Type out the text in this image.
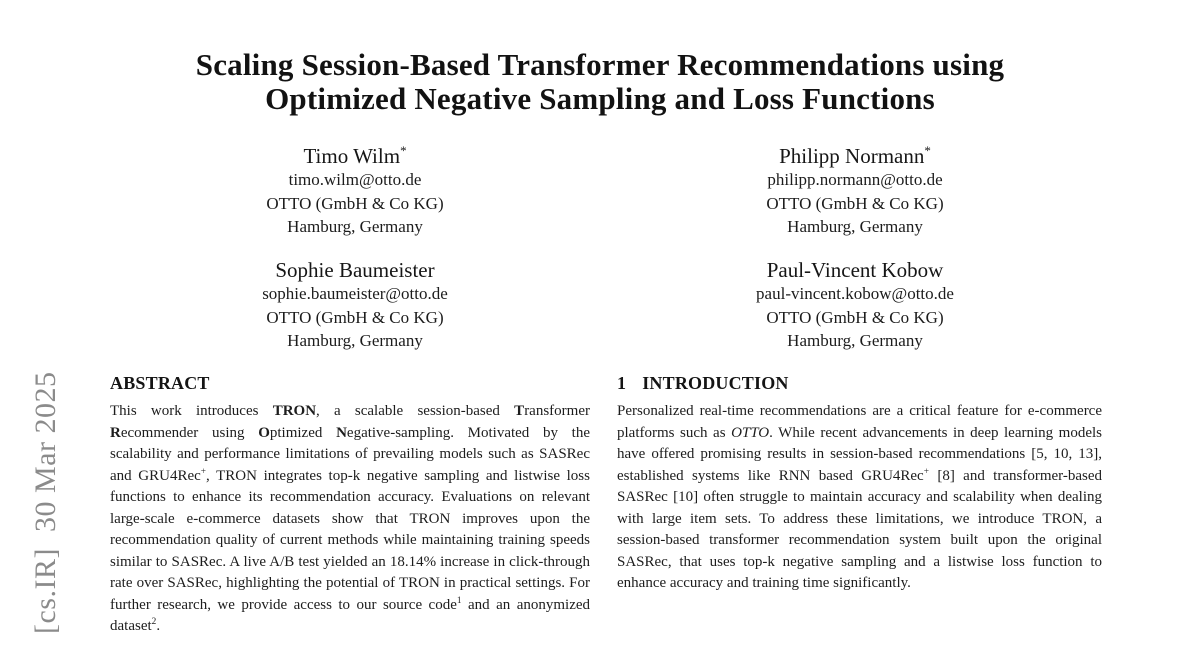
[cs.IR]  30 Mar 2025
Scaling Session-Based Transformer Recommendations using
Optimized Negative Sampling and Loss Functions
Timo Wilm*
timo.wilm@otto.de
OTTO (GmbH & Co KG)
Hamburg, Germany
Philipp Normann*
philipp.normann@otto.de
OTTO (GmbH & Co KG)
Hamburg, Germany
Sophie Baumeister
sophie.baumeister@otto.de
OTTO (GmbH & Co KG)
Hamburg, Germany
Paul-Vincent Kobow
paul-vincent.kobow@otto.de
OTTO (GmbH & Co KG)
Hamburg, Germany
ABSTRACT

This work introduces TRON, a scalable session-based Transformer Recommender using Optimized Negative-sampling. Motivated by the scalability and performance limitations of prevailing models such as SASRec and GRU4Rec+, TRON integrates top-k negative sampling and listwise loss functions to enhance its recommendation accuracy. Evaluations on relevant large-scale e-commerce datasets show that TRON improves upon the recommendation quality of current methods while maintaining training speeds similar to SASRec. A live A/B test yielded an 18.14% increase in click-through rate over SASRec, highlighting the potential of TRON in practical settings. For further research, we provide access to our source code$^1$ and an anonymized dataset$^2$.

1 INTRODUCTION

Personalized real-time recommendations are a critical feature for e-commerce platforms such as OTTO. While recent advancements in deep learning models have offered promising results in session-based recommendations [5, 10, 13], established systems like RNN based GRU4Rec+ [8] and transformer-based SASRec [10] often struggle to maintain accuracy and scalability when dealing with large item sets. To address these limitations, we introduce TRON, a session-based transformer recommendation system built upon the original SASRec, that uses top-k negative sampling and a listwise loss function to enhance accuracy and training time significantly.
